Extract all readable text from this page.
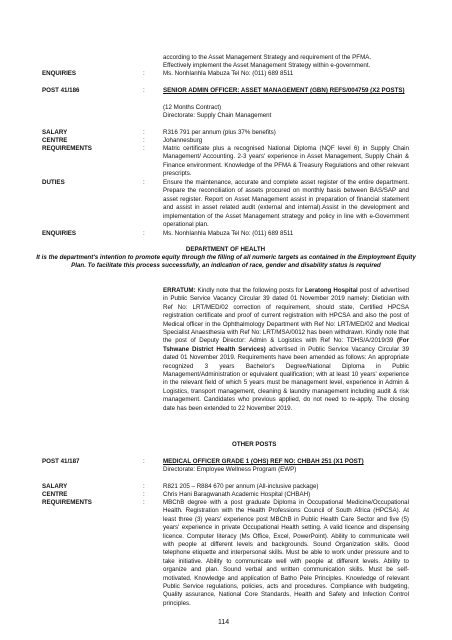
according to the Asset Management Strategy and requirement of the PFMA.
Effectively implement the Asset Management Strategy within e-government.
ENQUIRIES	:	Ms. Nonhlanhla Mabuza Tel No: (011) 689 8511
POST 41/186	:	SENIOR ADMIN OFFICER: ASSET MANAGEMENT (GBN) REFS/004759 (X2 POSTS)
(12 Months Contract)
Directorate: Supply Chain Management
SALARY	:	R316 791 per annum (plus 37% benefits)
CENTRE	:	Johannesburg
REQUIREMENTS	:	Matric certificate plus a recognised National Diploma (NQF level 6) in Supply Chain Management/ Accounting. 2-3 years' experience in Asset Management, Supply Chain & Finance environment. Knowledge of the PFMA & Treasury Regulations and other relevant prescripts.
DUTIES	:	Ensure the maintenance, accurate and complete asset register of the entire department. Prepare the reconciliation of assets procured on monthly basis between BAS/SAP and asset register. Report on Asset Management assist in preparation of financial statement and assist in asset related audit (external and internal).Assist in the development and implementation of the Asset Management strategy and policy in line with e-Government operational plan.
ENQUIRIES	:	Ms. Nonhlanhla Mabuza Tel No: (011) 689 8511
DEPARTMENT OF HEALTH
It is the department's intention to promote equity through the filling of all numeric targets as contained in the Employment Equity Plan. To facilitate this process successfully, an indication of race, gender and disability status is required
ERRATUM: Kindly note that the following posts for Leratong Hospital post of advertised in Public Service Vacancy Circular 39 dated 01 November 2019 namely: Dietician with Ref No: LRT/MED/02 correction of requirement, should state, Certified HPCSA registration certificate and proof of current registration with HPCSA and also the post of Medical officer in the Ophthalmology Department with Ref No: LRT/MED/02 and Medical Specialist Anaesthesia with Ref No: LRT/MSA/0012 has been withdrawn. Kindly note that the post of Deputy Director: Admin & Logistics with Ref No: TDHS/A/2019/39 (For Tshwane District Health Services) advertised in Public Service Vacancy Circular 39 dated 01 November 2019. Requirements have been amended as follows: An appropriate recognized 3 years Bachelor's Degree/National Diploma in Public Management/Administration or equivalent qualification; with at least 10 years' experience in the relevant field of which 5 years must be management level, experience in Admin & Logistics, transport management, cleaning & laundry management including audit & risk management. Candidates who previous applied, do not need to re-apply. The closing date has been extended to 22 November 2019.
OTHER POSTS
POST 41/187	:	MEDICAL OFFICER GRADE 1 (OHS) REF NO: CHBAH 251 (X1 POST)
Directorate: Employee Wellness Program (EWP)
SALARY	:	R821 205 – R884 670 per annum (All-inclusive package)
CENTRE	:	Chris Hani Baragwanath Academic Hospital (CHBAH)
REQUIREMENTS	:	MBChB degree with a post graduate Diploma in Occupational Medicine/Occupational Health. Registration with the Health Professions Council of South Africa (HPCSA). At least three (3) years' experience post MBChB in Public Health Care Sector and five (5) years' experience in private Occupational Health setting. A valid licence and dispensing licence. Computer literacy (Ms Office, Excel, PowerPoint). Ability to communicate well with people at different levels and backgrounds. Sound Organization skills. Good telephone etiquette and interpersonal skills. Must be able to work under pressure and to take initiative. Ability to communicate well with people at different levels. Ability to organize and plan. Sound verbal and written communication skills. Must be self-motivated. Knowledge and application of Batho Pele Principles. Knowledge of relevant Public Service regulations, policies, acts and procedures. Compliance with budgeting, Quality assurance, National Core Standards, Health and Safety and Infection Control principles.
114
